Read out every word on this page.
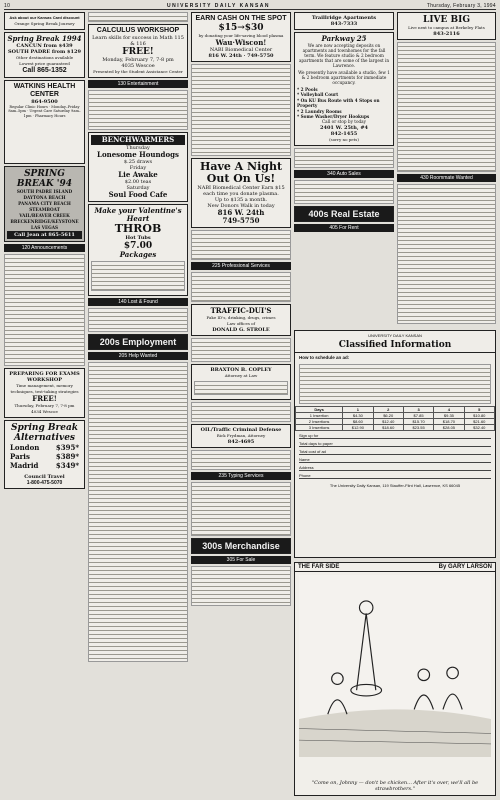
10	UNIVERSITY DAILY KANSAN	Thursday, February 3, 1994
Ask about our Kansas Card discount
Orange Spring Break Journey
Spring Break 1994
CANCUN from $439
SOUTH PADRE from $129
Other destinations available
Lowest price guaranteed
Call 865-1352
WATKINS HEALTH CENTER
864-9500
Regular Clinic Hours · Monday–Friday 8am–5pm · Urgent Care Saturday 9am–1pm · Pharmacy Hours
SPRING BREAK '94
SOUTH PADRE ISLAND
DAYTONA BEACH
PANAMA CITY BEACH
STEAMBOAT
VAIL/BEAVER CREEK
BRECKENRIDGE/KEYSTONE
LAS VEGAS
Call Jean at 865-5611
120 Announcements
PREPARING FOR EXAMS WORKSHOP
Time management, memory techniques, test-taking strategies
FREE!
Thursday, February 7, 7-8 pm
4034 Wescoe
Spring Break Alternatives
London $395*
Paris	$389*
Madrid $349*
Council Travel
1-800-475-5070
CALCULUS WORKSHOP
Learn skills for success in Math 115 & 116
FREE!
Monday, February 7, 7-8 pm
4035 Wescoe
Presented by the Student Assistance Center
130 Entertainment
BENCHWARMERS
Thursday
Lonesome Houndogs
$.25 draws
Friday
Lie Awake
$2.00 teas
Saturday
Soul Food Cafe
Make your Valentine's Heart
THROB
Hot Tubs
$7.00
Packages
140 Lost & Found
200s Employment
205 Help Wanted
EARN CASH ON THE SPOT
$15→$30
by donating your life-saving blood plasma
Wau·Wiscon!
NABI Biomedical Center
816 W. 24th · 749-5750
Have A Night Out On Us!
NABI Biomedical Center Earn $15 each time you donate plasma.
Up to $135 a month.
New Donors Walk in today
816 W. 24th
749-5750
225 Professional Services
TRAFFIC-DUI'S
Fake ID's, drinking, drugs, crimes
Law offices of
DONALD G. STROLE
BRAXTON B. COPLEY
Attorney at Law
OIL/Traffic Criminal Defense
Rick Frydman, Attorney
842-4695
235 Typing Services
300s Merchandise
305 For Sale
Traillridge Apartments
843-7333
Parkway 25
We are now accepting deposits on apartments and townhomes for the fall term. We feature studio & 2 bedroom apartments that are some of the largest in Lawrence.
We presently have available a studio, few 1 & 2 bedroom apartments for immediate occupancy.
* 2 Pools
* Volleyball Court
* On KU Bus Route with 4 Stops on Property
* 2 Laundry Rooms
* Some Washer/Dryer Hookups
Call or stop by today
2401 W. 25th, #4
842-1455
(sorry no pets)
340 Auto Sales
400s Real Estate
405 For Rent
LIVE BIG
Live next to campus at Berkeley Flats
843-2116
430 Roommate Wanted
UNIVERSITY DAILY KANSAN
Classified Information
How to schedule an ad:
Days	1	2	3	4	5
1 Insertion	$4.30	$6.20	$7.85	$9.35	$10.80
2 Insertions	$8.60	$12.40	$15.70	$18.70	$21.60
3 Insertions	$12.90	$18.60	$23.55	$28.05	$32.40
Sign up for
Total days to paper
Total cost of ad
Name
Address
Phone
The University Daily Kansan, 119 Stauffer-Flint Hall, Lawrence, KS 66045
THE FAR SIDE	By GARY LARSON
"Come on, Johnny — don't be chicken... After it's over, we'll all be strawbrothers."
